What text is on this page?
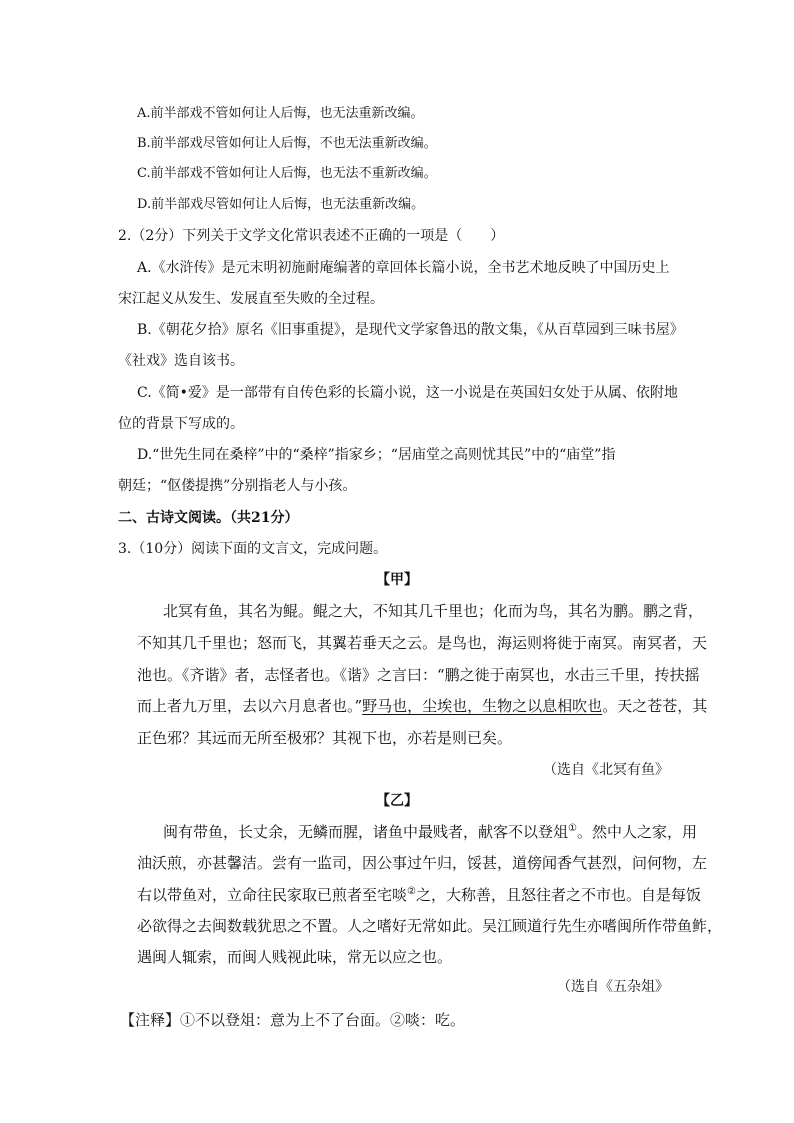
A.前半部戏不管如何让人后悔，也无法重新改编。
B.前半部戏尽管如何让人后悔，不也无法重新改编。
C.前半部戏不管如何让人后悔，也无法不重新改编。
D.前半部戏尽管如何让人后悔，也无法重新改编。
2.（2分）下列关于文学文化常识表述不正确的一项是（　　）
A.《水浒传》是元末明初施耐庵编著的章回体长篇小说，全书艺术地反映了中国历史上
宋江起义从发生、发展直至失败的全过程。
B.《朝花夕拾》原名《旧事重提》，是现代文学家鲁迅的散文集，《从百草园到三味书屋》
《社戏》选自该书。
C.《简•爱》是一部带有自传色彩的长篇小说，这一小说是在英国妇女处于从属、依附地
位的背景下写成的。
D.“世先生同在桑梓”中的“桑梓”指家乡；“居庙堂之高则忧其民”中的“庙堂”指
朝廷；“伛偻提携”分别指老人与小孩。
二、古诗文阅读。（共21分）
3.（10分）阅读下面的文言文，完成问题。
【甲】
北冥有鱼，其名为鲲。鲲之大，不知其几千里也；化而为鸟，其名为鹏。鹏之背，
不知其几千里也；怒而飞，其翼若垂天之云。是鸟也，海运则将徙于南冥。南冥者，天
池也。《齐谐》者，志怪者也。《谐》之言曰：“鹏之徙于南冥也，水击三千里，抟扶摇
而上者九万里，去以六月息者也。”野马也，尘埃也，生物之以息相吹也。天之苍苍，其
正色邪？其远而无所至极邪？其视下也，亦若是则已矣。
（选自《北冥有鱼》
【乙】
闽有带鱼，长丈余，无鳞而腥，诸鱼中最贱者，献客不以登俎①。然中人之家，用
油沃煎，亦甚馨洁。尝有一监司，因公事过午归，馁甚，道傍闻香气甚烈，问何物，左
右以带鱼对，立命往民家取已煎者至宅啖②之，大称善，且怒往者之不市也。自是每饭
必欲得之去闽数载犹思之不置。人之嗜好无常如此。吴江顾道行先生亦嗜闽所作带鱼鲊，
遇闽人辄索，而闽人贱视此味，常无以应之也。
（选自《五杂俎》
【注释】①不以登俎：意为上不了台面。②啖：吃。
